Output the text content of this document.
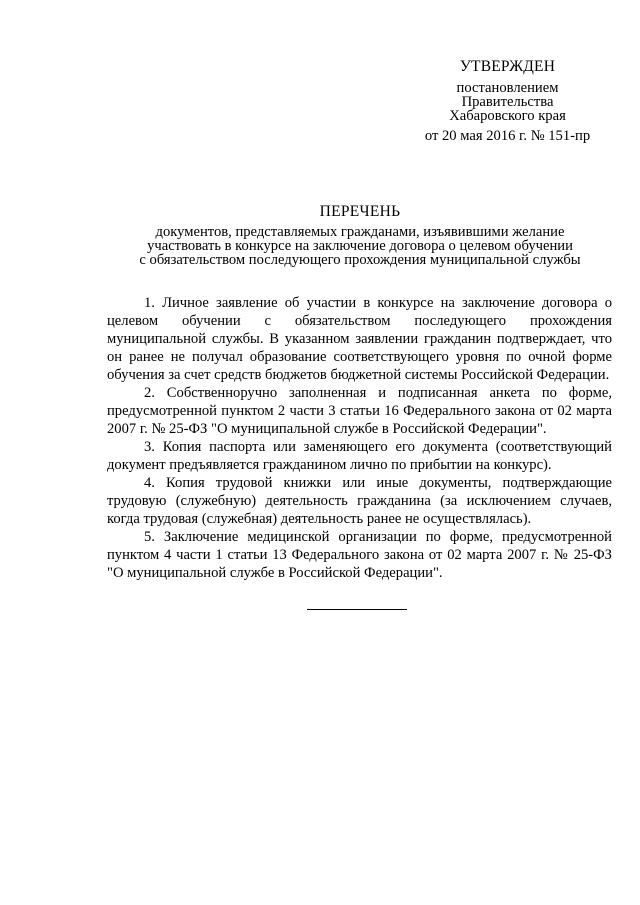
УТВЕРЖДЕН
постановлением
Правительства
Хабаровского края
от 20 мая 2016 г. № 151-пр
ПЕРЕЧЕНЬ
документов, представляемых гражданами, изъявившими желание
участвовать в конкурсе на заключение договора о целевом обучении
с обязательством последующего прохождения муниципальной службы

1. Личное заявление об участии в конкурсе на заключение договора о целевом обучении с обязательством последующего прохождения муниципальной службы. В указанном заявлении гражданин подтверждает, что он ранее не получал образование соответствующего уровня по очной форме обучения за счет средств бюджетов бюджетной системы Российской Федерации.

2. Собственноручно заполненная и подписанная анкета по форме, предусмотренной пунктом 2 части 3 статьи 16 Федерального закона от 02 марта 2007 г. № 25-ФЗ "О муниципальной службе в Российской Федерации".

3. Копия паспорта или заменяющего его документа (соответствующий документ предъявляется гражданином лично по прибытии на конкурс).

4. Копия трудовой книжки или иные документы, подтверждающие трудовую (служебную) деятельность гражданина (за исключением случаев, когда трудовая (служебная) деятельность ранее не осуществлялась).

5. Заключение медицинской организации по форме, предусмотренной пунктом 4 части 1 статьи 13 Федерального закона от 02 марта 2007 г. № 25-ФЗ "О муниципальной службе в Российской Федерации".
